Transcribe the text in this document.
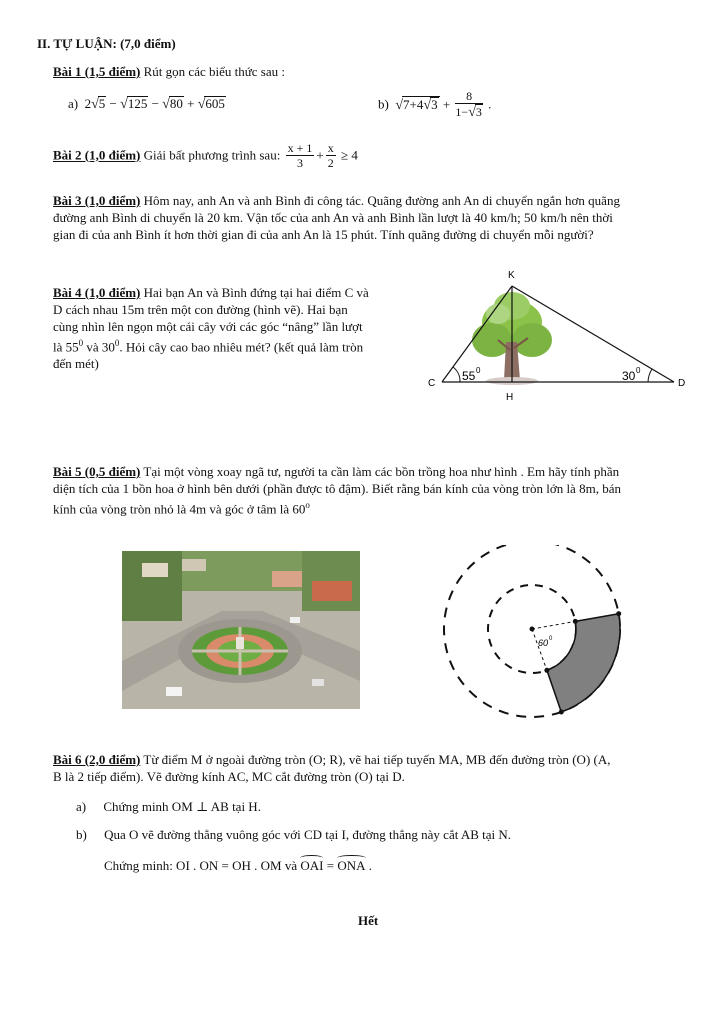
II. TỰ LUẬN: (7,0 điểm)
Bài 1 (1,5 điểm) Rút gọn các biểu thức sau :
a) 2√5 − √125 − √80 + √605	b) $√7+4√3 + \frac{8}{1-√3}$ .
Bài 2 (1,0 điểm) Giải bất phương trình sau: $\frac{x + 1}{3} + \frac{x}{2} \ge 4$
Bài 3 (1,0 điểm) Hôm nay, anh An và anh Bình đi công tác. Quãng đường anh An di chuyển ngắn hơn quãng
đường anh Bình di chuyển là 20 km. Vận tốc của anh An và anh Bình lần lượt là 40 km/h; 50 km/h nên thời
gian đi của anh Bình ít hơn thời gian đi của anh An là 15 phút. Tính quãng đường di chuyển mỗi người?
Bài 4 (1,0 điểm) Hai bạn An và Bình đứng tại hai điểm C và
D cách nhau 15m trên một con đường (hình vẽ). Hai bạn
cùng nhìn lên ngọn một cái cây với các góc “nâng” lần lượt
là $55^0$ và $30^0$. Hỏi cây cao bao nhiêu mét? (kết quả làm tròn
đến mét)
K
C	D
H
55 0	30 0
Bài 5 (0,5 điểm) Tại một vòng xoay ngã tư, người ta cần làm các bồn trồng hoa như hình . Em hãy tính phần
diện tích của 1 bồn hoa ở hình bên dưới (phần được tô đậm). Biết rằng bán kính của vòng tròn lớn là 8m, bán
kính của vòng tròn nhỏ là 4m và góc ở tâm là 60$^o$
60 0
Bài 6 (2,0 điểm) Từ điểm M ở ngoài đường tròn (O; R), vẽ hai tiếp tuyến MA, MB đến đường tròn (O) (A,
B là 2 tiếp điểm). Vẽ đường kính AC, MC cắt đường tròn (O) tại D.
a) Chứng minh OM ⊥ AB tại H.
b) Qua O vẽ đường thẳng vuông góc với CD tại I, đường thẳng này cắt AB tại N.
Chứng minh: OI . ON = OH . OM và OAI = ONA .
Hết
